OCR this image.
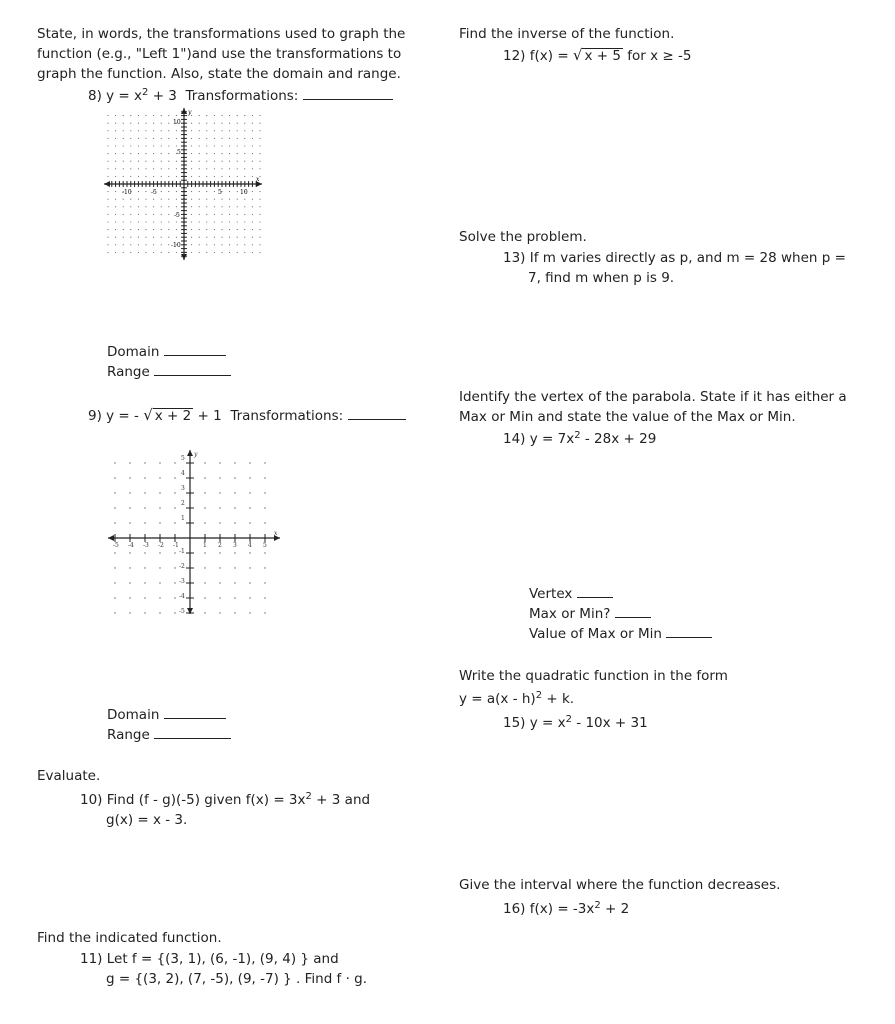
State, in words, the transformations used to graph the
function (e.g., "Left 1")and use the transformations to
graph the function. Also, state the domain and range.
8) $y = x^2 + 3$ Transformations:
10
5
-10	-5	5	10
-5
-10
x
y
Domain
Range
9) y = - √ x + 2 + 1 Transformations:
5
4
3
2
1
-1
-2
-3
-4
-5
-5 -4 -3 -2 -1	1 2 3 4 5
x
y
Domain
Range
Evaluate.
10) Find (f - g)(-5) given $f(x) = 3x^2 + 3$ and
g(x) = x - 3.
Find the indicated function.
11) Let f = {(3, 1), (6, -1), (9, 4) } and
g = {(3, 2), (7, -5), (9, -7) } . Find f · g.
Find the inverse of the function.
12) f(x) = √ x + 5 for x ≥ -5
Solve the problem.
13) If m varies directly as p, and m = 28 when p =
7, find m when p is 9.
Identify the vertex of the parabola. State if it has either a
Max or Min and state the value of the Max or Min.
14) $y = 7x^2 - 28x + 29$
Vertex
Max or Min?
Value of Max or Min
Write the quadratic function in the form
y = a(x - h)$^2$ + k.
15) $y = x^2 - 10x + 31$
Give the interval where the function decreases.
16) $f(x) = -3x^2 + 2$
